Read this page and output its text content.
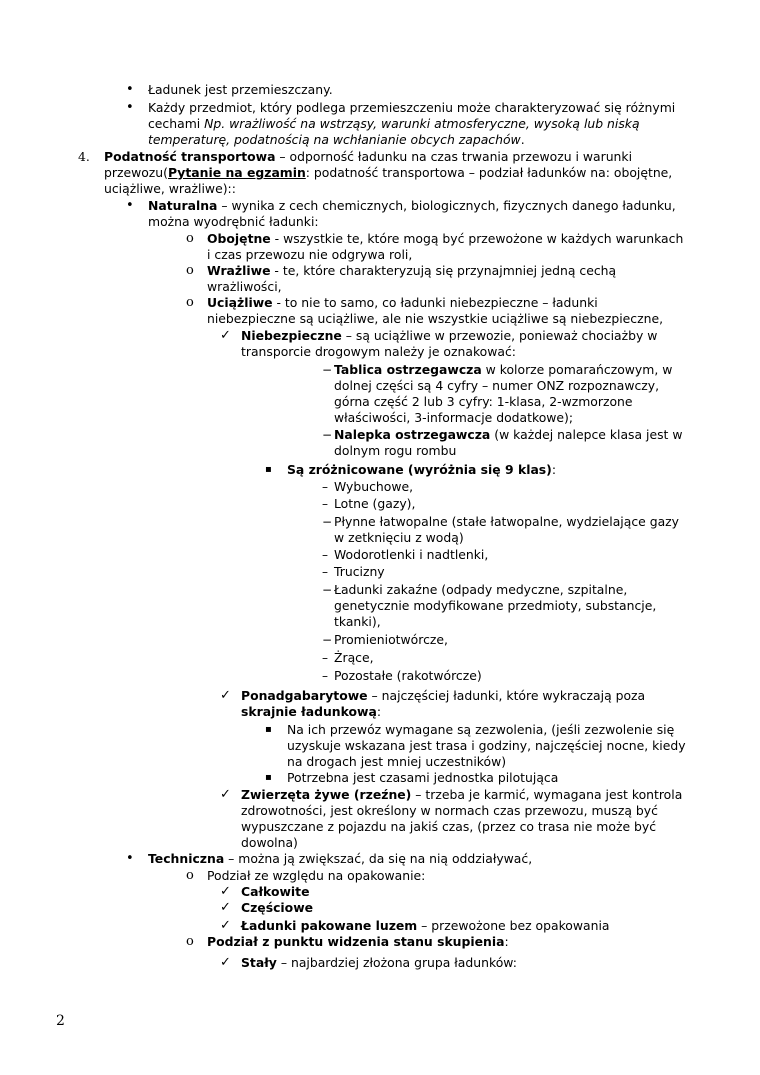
• Ładunek jest przemieszczany.
• Każdy przedmiot, który podlega przemieszczeniu może charakteryzować się różnymi
cechami Np. wrażliwość na wstrząsy, warunki atmosferyczne, wysoką lub niską
temperaturę, podatnością na wchłanianie obcych zapachów.
4. Podatność transportowa – odporność ładunku na czas trwania przewozu i warunki
przewozu(Pytanie na egzamin: podatność transportowa – podział ładunków na: obojętne,
uciążliwe, wrażliwe)::
• Naturalna – wynika z cech chemicznych, biologicznych, fizycznych danego ładunku,
można wyodrębnić ładunki:
o Obojętne - wszystkie te, które mogą być przewożone w każdych warunkach
i czas przewozu nie odgrywa roli,
o Wrażliwe - te, które charakteryzują się przynajmniej jedną cechą
wrażliwości,
o Uciążliwe - to nie to samo, co ładunki niebezpieczne – ładunki
niebezpieczne są uciążliwe, ale nie wszystkie uciążliwe są niebezpieczne,
✓ Niebezpieczne – są uciążliwe w przewozie, ponieważ chociażby w
transporcie drogowym należy je oznakować:
− Tablica ostrzegawcza w kolorze pomarańczowym, w
dolnej części są 4 cyfry – numer ONZ rozpoznawczy,
górna część 2 lub 3 cyfry: 1-klasa, 2-wzmorzone
właściwości, 3-informacje dodatkowe);
− Nalepka ostrzegawcza (w każdej nalepce klasa jest w
dolnym rogu rombu
▪ Są zróżnicowane (wyróżnia się 9 klas):
– Wybuchowe,
– Lotne (gazy),
− Płynne łatwopalne (stałe łatwopalne, wydzielające gazy
w zetknięciu z wodą)
– Wodorotlenki i nadtlenki,
– Trucizny
− Ładunki zakaźne (odpady medyczne, szpitalne,
genetycznie modyfikowane przedmioty, substancje,
tkanki),
− Promieniotwórcze,
– Żrące,
– Pozostałe (rakotwórcze)
✓ Ponadgabarytowe – najczęściej ładunki, które wykraczają poza
skrajnie ładunkową:
▪ Na ich przewóz wymagane są zezwolenia, (jeśli zezwolenie się
uzyskuje wskazana jest trasa i godziny, najczęściej nocne, kiedy
na drogach jest mniej uczestników)
▪ Potrzebna jest czasami jednostka pilotująca
✓ Zwierzęta żywe (rzeźne) – trzeba je karmić, wymagana jest kontrola
zdrowotności, jest określony w normach czas przewozu, muszą być
wypuszczane z pojazdu na jakiś czas, (przez co trasa nie może być
dowolna)
• Techniczna – można ją zwiększać, da się na nią oddziaływać,
o Podział ze względu na opakowanie:
✓ Całkowite
✓ Częściowe
✓ Ładunki pakowane luzem – przewożone bez opakowania
o Podział z punktu widzenia stanu skupienia:
✓ Stały – najbardziej złożona grupa ładunków:
2
